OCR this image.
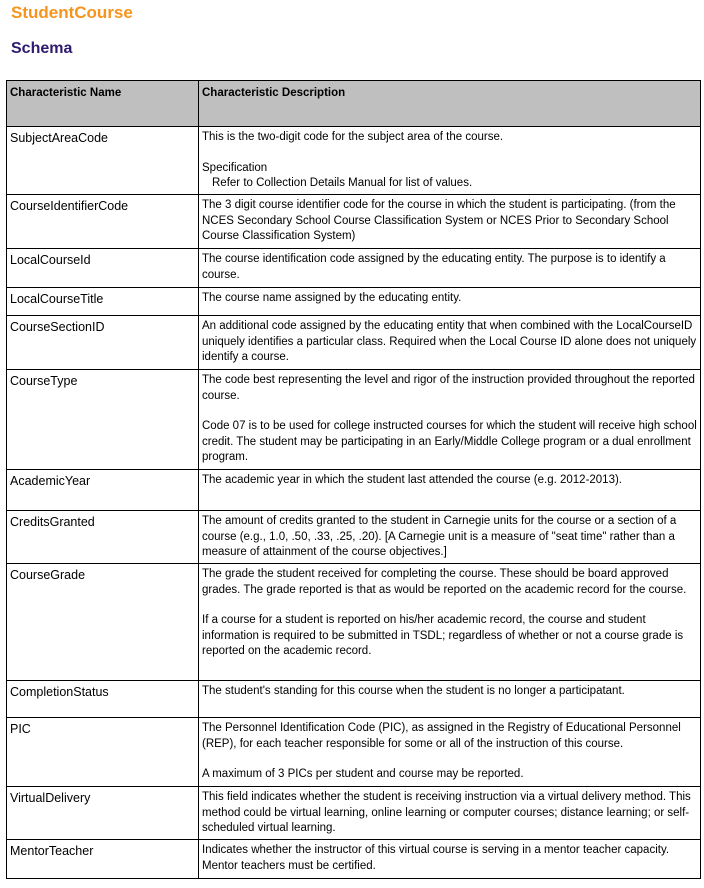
StudentCourse
Schema
Characteristic Name	Characteristic Description
SubjectAreaCode	This is the two-digit code for the subject area of the course.
Specification
Refer to Collection Details Manual for list of values.

CourseIdentifierCode	The 3 digit course identifier code for the course in which the student is participating. (from the NCES Secondary School Course Classification System or NCES Prior to Secondary School Course Classification System)

LocalCourseId	The course identification code assigned by the educating entity. The purpose is to identify a course.

LocalCourseTitle	The course name assigned by the educating entity.

CourseSectionID	An additional code assigned by the educating entity that when combined with the LocalCourseID uniquely identifies a particular class. Required when the Local Course ID alone does not uniquely identify a course.

CourseType	The code best representing the level and rigor of the instruction provided throughout the reported course.
Code 07 is to be used for college instructed courses for which the student will receive high school credit. The student may be participating in an Early/Middle College program or a dual enrollment program.

AcademicYear	The academic year in which the student last attended the course (e.g. 2012-2013).

CreditsGranted	The amount of credits granted to the student in Carnegie units for the course or a section of a course (e.g., 1.0, .50, .33, .25, .20). [A Carnegie unit is a measure of "seat time" rather than a measure of attainment of the course objectives.]

CourseGrade	The grade the student received for completing the course. These should be board approved grades. The grade reported is that as would be reported on the academic record for the course.
If a course for a student is reported on his/her academic record, the course and student information is required to be submitted in TSDL; regardless of whether or not a course grade is reported on the academic record.

CompletionStatus	The student's standing for this course when the student is no longer a participatant.

PIC	The Personnel Identification Code (PIC), as assigned in the Registry of Educational Personnel (REP), for each teacher responsible for some or all of the instruction of this course.
A maximum of 3 PICs per student and course may be reported.

VirtualDelivery	This field indicates whether the student is receiving instruction via a virtual delivery method. This method could be virtual learning, online learning or computer courses; distance learning; or self-scheduled virtual learning.

MentorTeacher	Indicates whether the instructor of this virtual course is serving in a mentor teacher capacity. Mentor teachers must be certified.
